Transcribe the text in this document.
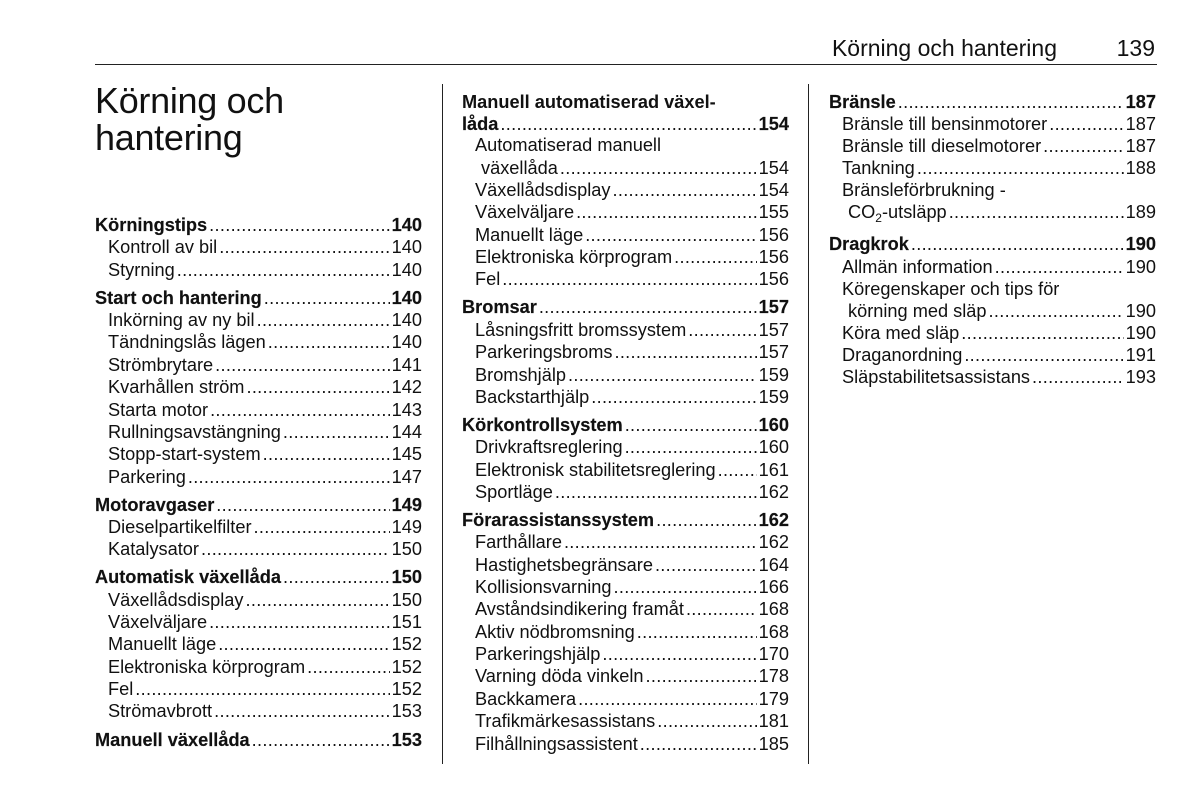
Körning och hantering	139
Körning och
hantering
Körningstips .....	140
Kontroll av bil .....	140
Styrning .....	140
Start och hantering .....	140
Inkörning av ny bil .....	140
Tändningslås lägen .....	140
Strömbrytare .....	141
Kvarhållen ström .....	142
Starta motor .....	143
Rullningsavstängning .....	144
Stopp-start-system .....	145
Parkering .....	147
Motoravgaser .....	149
Dieselpartikelfilter .....	149
Katalysator .....	150
Automatisk växellåda .....	150
Växellådsdisplay .....	150
Växelväljare .....	151
Manuellt läge .....	152
Elektroniska körprogram .....	152
Fel .....	152
Strömavbrott .....	153
Manuell växellåda .....	153
Manuell automatiserad växel-
låda .....	154
Automatiserad manuell
växellåda .....	154
Växellådsdisplay .....	154
Växelväljare .....	155
Manuellt läge .....	156
Elektroniska körprogram .....	156
Fel .....	156
Bromsar .....	157
Låsningsfritt bromssystem .....	157
Parkeringsbroms .....	157
Bromshjälp .....	159
Backstarthjälp .....	159
Körkontrollsystem .....	160
Drivkraftsreglering .....	160
Elektronisk stabilitetsreglering ..... 161
Sportläge .....	162
Förarassistanssystem .....	162
Farthållare .....	162
Hastighetsbegränsare .....	164
Kollisionsvarning .....	166
Avståndsindikering framåt .....	168
Aktiv nödbromsning .....	168
Parkeringshjälp .....	170
Varning döda vinkeln .....	178
Backkamera .....	179
Trafikmärkesassistans .....	181
Filhållningsassistent .....	185
Bränsle .....	187
Bränsle till bensinmotorer .....	187
Bränsle till dieselmotorer .....	187
Tankning .....	188
Bränsleförbrukning -
$CO_2$-utsläpp .....	189
Dragkrok .....	190
Allmän information .....	190
Köregenskaper och tips för
körning med släp .....	190
Köra med släp .....	190
Draganordning .....	191
Släpstabilitetsassistans .....	193
